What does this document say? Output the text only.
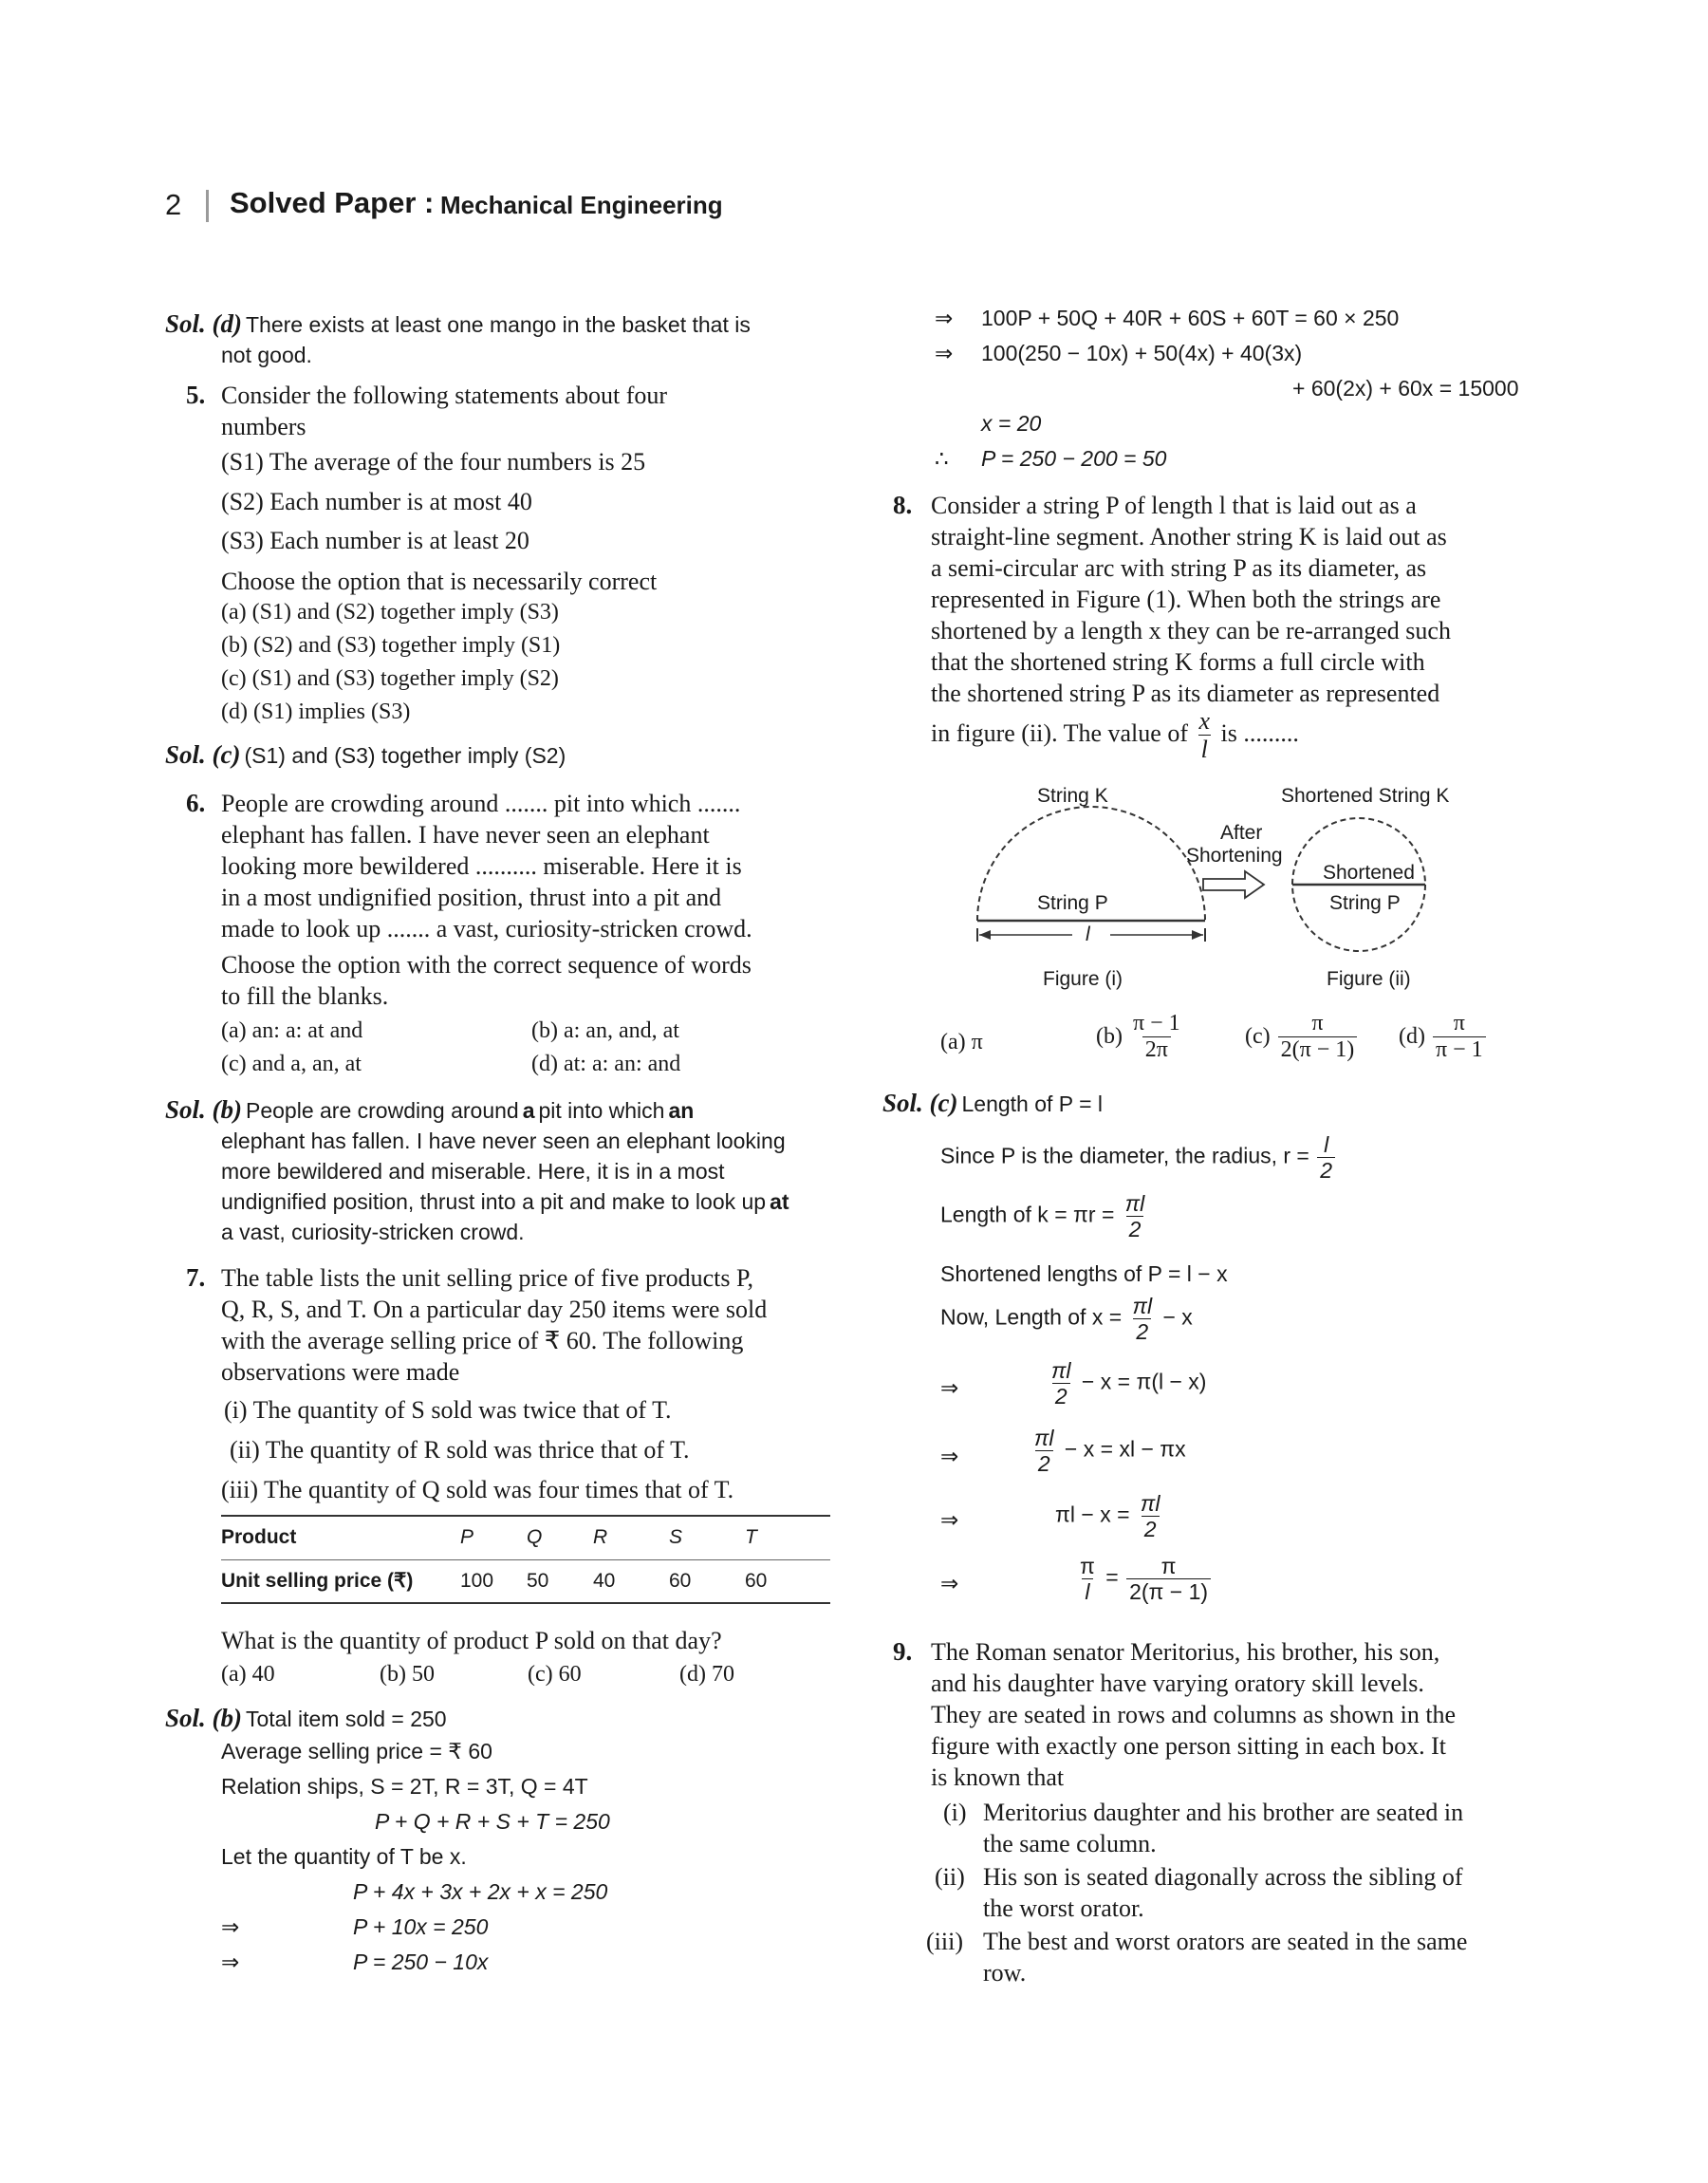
2 Solved Paper : Mechanical Engineering
Sol. (d) There exists at least one mango in the basket that is
not good.
5. Consider the following statements about four
numbers
(S1) The average of the four numbers is 25
(S2) Each number is at most 40
(S3) Each number is at least 20
Choose the option that is necessarily correct
(a) (S1) and (S2) together imply (S3)
(b) (S2) and (S3) together imply (S1)
(c) (S1) and (S3) together imply (S2)
(d) (S1) implies (S3)
Sol. (c) (S1) and (S3) together imply (S2)
6. People are crowding around ....... pit into which .......
elephant has fallen. I have never seen an elephant
looking more bewildered .......... miserable. Here it is
in a most undignified position, thrust into a pit and
made to look up ....... a vast, curiosity-stricken crowd.
Choose the option with the correct sequence of words
to fill the blanks.
(a) an: a: at and	(b) a: an, and, at
(c) and a, an, at	(d) at: a: an: and
Sol. (b) People are crowding around a pit into which an
elephant has fallen. I have never seen an elephant looking
more bewildered and miserable. Here, it is in a most
undignified position, thrust into a pit and make to look up at
a vast, curiosity-stricken crowd.
7. The table lists the unit selling price of five products P,
Q, R, S, and T. On a particular day 250 items were sold
with the average selling price of ₹ 60. The following
observations were made
(i) The quantity of S sold was twice that of T.
(ii) The quantity of R sold was thrice that of T.
(iii) The quantity of Q sold was four times that of T.
Product	P	Q	R	S	T
Unit selling price (₹)	100	50	40	60	60
What is the quantity of product P sold on that day?
(a) 40	(b) 50	(c) 60	(d) 70
Sol. (b) Total item sold = 250
Average selling price = ₹ 60
Relation ships, S = 2T, R = 3T, Q = 4T
P + Q + R + S + T = 250
Let the quantity of T be x.
P + 4x + 3x + 2x + x = 250
⇒	P + 10x = 250
⇒	P = 250 − 10x
⇒ 100P + 50Q + 40R + 60S + 60T = 60 × 250
⇒ 100(250 − 10x) + 50(4x) + 40(3x)
+ 60(2x) + 60x = 15000
x = 20
∴ P = 250 − 200 = 50
8. Consider a string P of length l that is laid out as a
straight-line segment. Another string K is laid out as
a semi-circular arc with string P as its diameter, as
represented in Figure (1). When both the strings are
shortened by a length x they can be re-arranged such
that the shortened string K forms a full circle with
the shortened string P as its diameter as represented
in figure (ii). The value of $\frac{x}{l}$ is .........
String K
String P
l
After
Shortening
Shortened String K
Shortened
String P
Figure (i)	Figure (ii)
(a) π	$(b) \frac{\pi - 1}{2\pi}$	$(c) \frac{\pi}{2(\pi - 1)} (d) \frac{\pi}{\pi - 1}$
Sol. (c) Length of P = l
Since P is the diameter, the radius, $r = \frac{l}{2}$
Length of $k = \pi r = \frac{\pi l}{2}$
Shortened lengths of P = l − x
Now, Length of $x = \frac{\pi l}{2} - x$
⇒	$\frac{\pi l}{2} - x = \pi(l - x)$
⇒	$\frac{\pi l}{2} - x$ = xl − πx
⇒	$\pi l - x = \frac{\pi l}{2}$
⇒	$\frac{\pi}{l} = \frac{\pi}{2(\pi - 1)}$
9. The Roman senator Meritorius, his brother, his son,
and his daughter have varying oratory skill levels.
They are seated in rows and columns as shown in the
figure with exactly one person sitting in each box. It
is known that
(i) Meritorius daughter and his brother are seated in
the same column.
(ii) His son is seated diagonally across the sibling of
the worst orator.
(iii) The best and worst orators are seated in the same
row.
